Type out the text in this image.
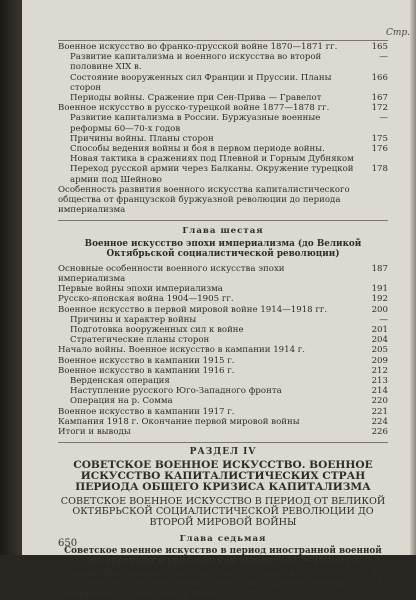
Стр.
Военное искусство во франко-прусской войне 1870—1871 гг.	165
Развитие капитализма и военного искусства во второй половине XIX в.
—
Состояние вооруженных сил Франции и Пруссии. Планы сторон
166
Периоды войны. Сражение при Сен-Прива — Гравелот	167
Военное искусство в русско-турецкой войне 1877—1878 гг.	172
Развитие капитализма в России. Буржуазные военные реформы 60—70-х годов
—
Причины войны. Планы сторон	175
Способы ведения войны и боя в первом периоде войны. Новая тактика в сражениях под Плевной и Горным Дубняком
176
Переход русской армии через Балканы. Окружение турецкой армии под Шейново
178
Особенность развития военного искусства капиталистического общества от французской буржуазной революции до периода империализма
Глава шестая
Военное искусство эпохи империализма (до Великой Октябрьской социалистической революции)
Основные особенности военного искусства эпохи империализма
187
Первые войны эпохи империализма	191
Русско-японская война 1904—1905 гг.	192
Военное искусство в первой мировой войне 1914—1918 гг.	200
Причины и характер войны	—
Подготовка вооруженных сил к войне	201
Стратегические планы сторон	204
Начало войны. Военное искусство в кампании 1914 г.	205
Военное искусство в кампании 1915 г.	209
Военное искусство в кампании 1916 г.	212
Верденская операция	213
Наступление русского Юго-Западного фронта	214
Операция на р. Сомма	220
Военное искусство в кампании 1917 г.	221
Кампания 1918 г. Окончание первой мировой войны	224
Итоги и выводы	226
РАЗДЕЛ IV
СОВЕТСКОЕ ВОЕННОЕ ИСКУССТВО. ВОЕННОЕ ИСКУССТВО КАПИТАЛИСТИЧЕСКИХ СТРАН ПЕРИОДА ОБЩЕГО КРИЗИСА КАПИТАЛИЗМА
СОВЕТСКОЕ ВОЕННОЕ ИСКУССТВО В ПЕРИОД ОТ ВЕЛИКОЙ ОКТЯБРЬСКОЙ СОЦИАЛИСТИЧЕСКОЙ РЕВОЛЮЦИИ ДО ВТОРОЙ МИРОВОЙ ВОЙНЫ
Глава седьмая
Советское военное искусство в период иностранной военной интервенции и гражданской войны (1917—1920 гг.)
Создание Вооруженных Сил Советского государства	237
Строительство Красной Армии в период иностранной военной интервенции и гражданской войны в СССР
241
650
